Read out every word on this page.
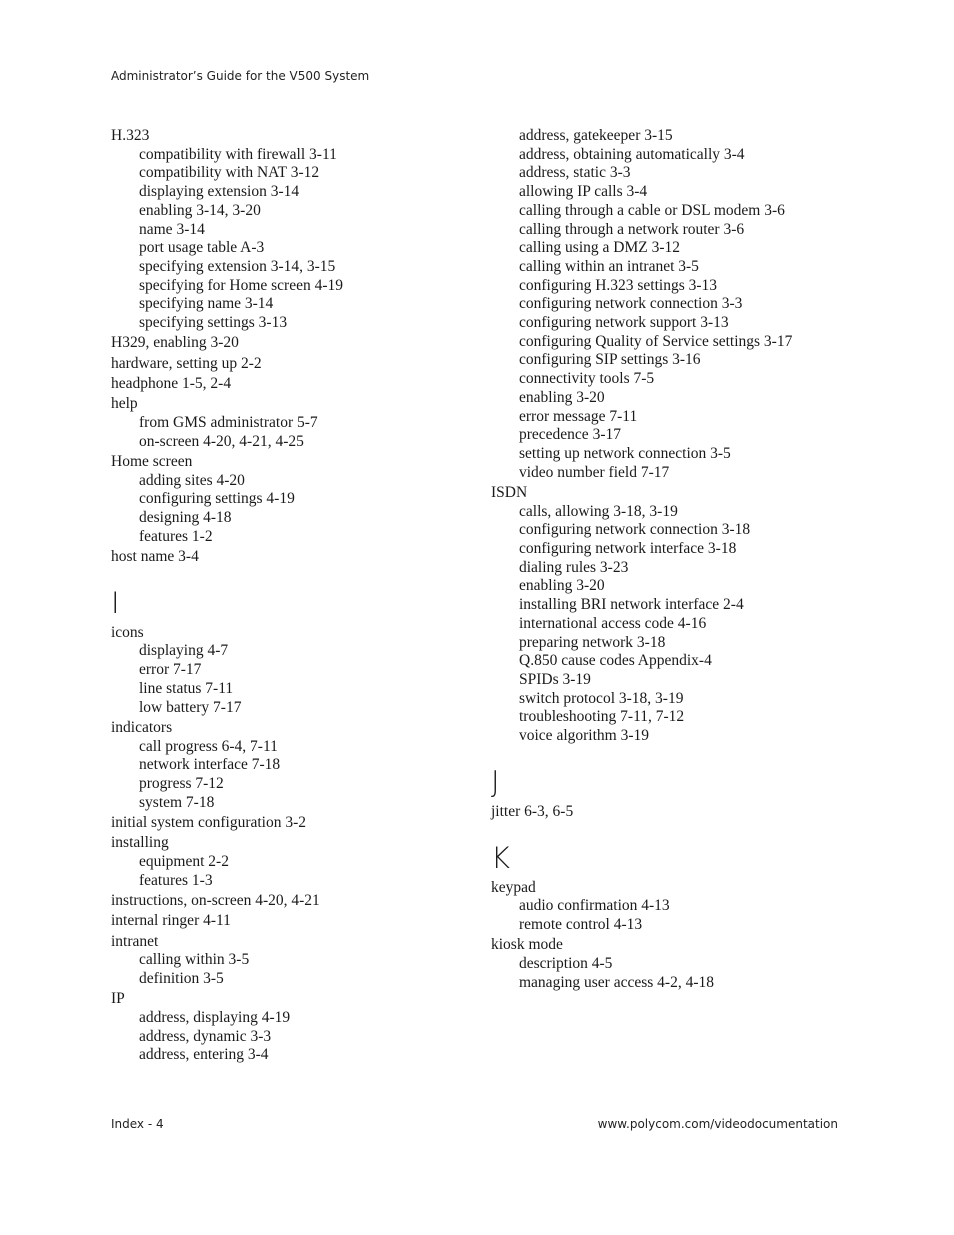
Administrator’s Guide for the V500 System
H.323
compatibility with firewall 3-11
compatibility with NAT 3-12
displaying extension 3-14
enabling 3-14, 3-20
name 3-14
port usage table A-3
specifying extension 3-14, 3-15
specifying for Home screen 4-19
specifying name 3-14
specifying settings 3-13
H329, enabling 3-20
hardware, setting up 2-2
headphone 1-5, 2-4
help
from GMS administrator 5-7
on-screen 4-20, 4-21, 4-25
Home screen
adding sites 4-20
configuring settings 4-19
designing 4-18
features 1-2
host name 3-4
I
icons
displaying 4-7
error 7-17
line status 7-11
low battery 7-17
indicators
call progress 6-4, 7-11
network interface 7-18
progress 7-12
system 7-18
initial system configuration 3-2
installing
equipment 2-2
features 1-3
instructions, on-screen 4-20, 4-21
internal ringer 4-11
intranet
calling within 3-5
definition 3-5
IP
address, displaying 4-19
address, dynamic 3-3
address, entering 3-4
address, gatekeeper 3-15
address, obtaining automatically 3-4
address, static 3-3
allowing IP calls 3-4
calling through a cable or DSL modem 3-6
calling through a network router 3-6
calling using a DMZ 3-12
calling within an intranet 3-5
configuring H.323 settings 3-13
configuring network connection 3-3
configuring network support 3-13
configuring Quality of Service settings 3-17
configuring SIP settings 3-16
connectivity tools 7-5
enabling 3-20
error message 7-11
precedence 3-17
setting up network connection 3-5
video number field 7-17
ISDN
calls, allowing 3-18, 3-19
configuring network connection 3-18
configuring network interface 3-18
dialing rules 3-23
enabling 3-20
installing BRI network interface 2-4
international access code 4-16
preparing network 3-18
Q.850 cause codes Appendix-4
SPIDs 3-19
switch protocol 3-18, 3-19
troubleshooting 7-11, 7-12
voice algorithm 3-19
J
jitter 6-3, 6-5
K
keypad
audio confirmation 4-13
remote control 4-13
kiosk mode
description 4-5
managing user access 4-2, 4-18
Index - 4	www.polycom.com/videodocumentation
